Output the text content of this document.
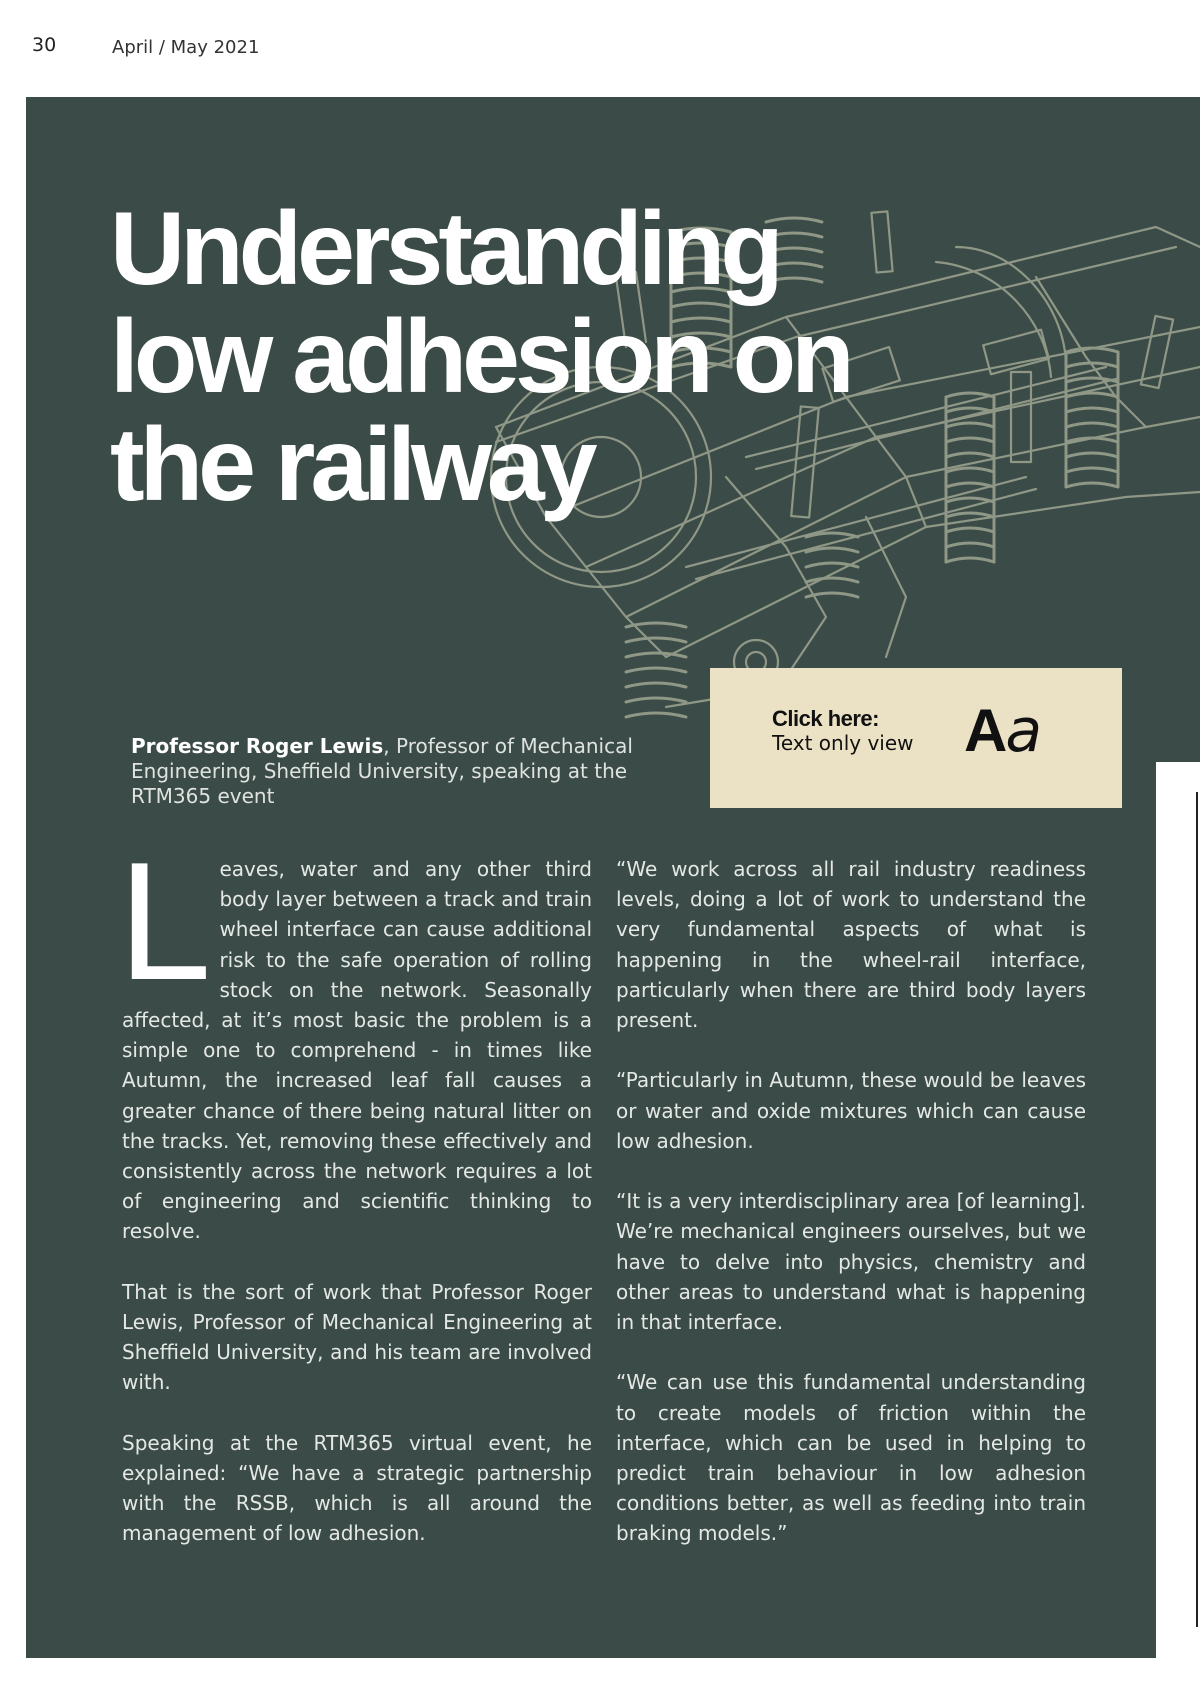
30	April / May 2021
Understanding
low adhesion on
the railway
Professor Roger Lewis, Professor of Mechanical Engineering, Sheffield University, speaking at the RTM365 event
Click here:
Text only view Aa

Leaves, water and any other third body layer between a track and train wheel interface can cause additional risk to the safe operation of rolling stock on the network. Seasonally affected, at it’s most basic the problem is a simple one to comprehend - in times like Autumn, the increased leaf fall causes a greater chance of there being natural litter on the tracks. Yet, removing these effectively and consistently across the network requires a lot of engineering and scientific thinking to resolve.

That is the sort of work that Professor Roger Lewis, Professor of Mechanical Engineering at Sheffield University, and his team are involved with.

Speaking at the RTM365 virtual event, he explained: “We have a strategic partnership with the RSSB, which is all around the management of low adhesion.

“We work across all rail industry readiness levels, doing a lot of work to understand the very fundamental aspects of what is happening in the wheel-rail interface, particularly when there are third body layers present.

“Particularly in Autumn, these would be leaves or water and oxide mixtures which can cause low adhesion.

“It is a very interdisciplinary area [of learning]. We’re mechanical engineers ourselves, but we have to delve into physics, chemistry and other areas to understand what is happening in that interface.

“We can use this fundamental understanding to create models of friction within the interface, which can be used in helping to predict train behaviour in low adhesion conditions better, as well as feeding into train braking models.”
